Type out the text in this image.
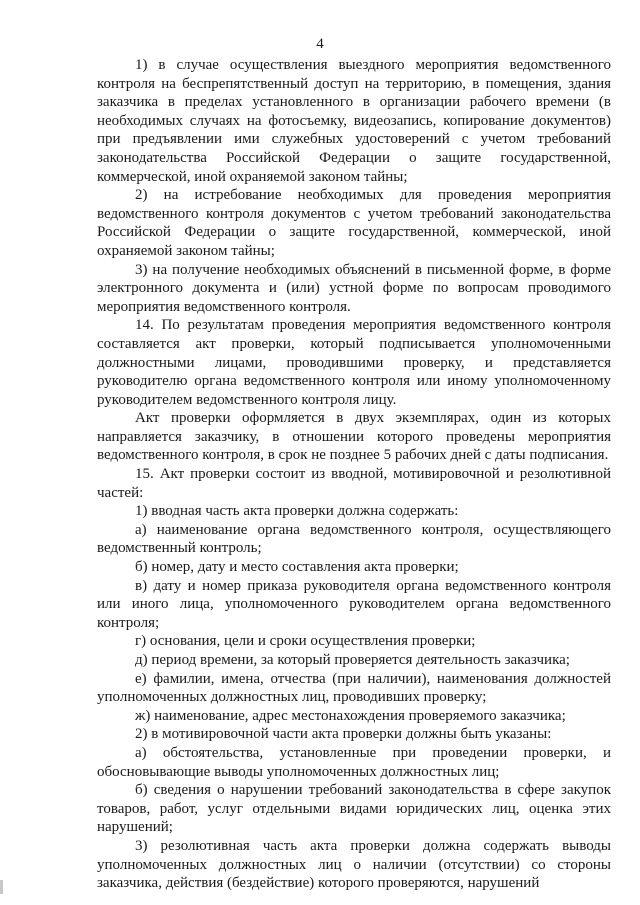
4

1) в случае осуществления выездного мероприятия ведомственного контроля на беспрепятственный доступ на территорию, в помещения, здания заказчика в пределах установленного в организации рабочего времени (в необходимых случаях на фотосъемку, видеозапись, копирование документов) при предъявлении ими служебных удостоверений с учетом требований законодательства Российской Федерации о защите государственной, коммерческой, иной охраняемой законом тайны;

2) на истребование необходимых для проведения мероприятия ведомственного контроля документов с учетом требований законодательства Российской Федерации о защите государственной, коммерческой, иной охраняемой законом тайны;

3) на получение необходимых объяснений в письменной форме, в форме электронного документа и (или) устной форме по вопросам проводимого мероприятия ведомственного контроля.

14. По результатам проведения мероприятия ведомственного контроля составляется акт проверки, который подписывается уполномоченными должностными лицами, проводившими проверку, и представляется руководителю органа ведомственного контроля или иному уполномоченному руководителем ведомственного контроля лицу.

Акт проверки оформляется в двух экземплярах, один из которых направляется заказчику, в отношении которого проведены мероприятия ведомственного контроля, в срок не позднее 5 рабочих дней с даты подписания.

15. Акт проверки состоит из вводной, мотивировочной и резолютивной частей:

1) вводная часть акта проверки должна содержать:

а) наименование органа ведомственного контроля, осуществляющего ведомственный контроль;

б) номер, дату и место составления акта проверки;

в) дату и номер приказа руководителя органа ведомственного контроля или иного лица, уполномоченного руководителем органа ведомственного контроля;

г) основания, цели и сроки осуществления проверки;

д) период времени, за который проверяется деятельность заказчика;

е) фамилии, имена, отчества (при наличии), наименования должностей уполномоченных должностных лиц, проводивших проверку;

ж) наименование, адрес местонахождения проверяемого заказчика;

2) в мотивировочной части акта проверки должны быть указаны:

а) обстоятельства, установленные при проведении проверки, и обосновывающие выводы уполномоченных должностных лиц;

б) сведения о нарушении требований законодательства в сфере закупок товаров, работ, услуг отдельными видами юридических лиц, оценка этих нарушений;

3) резолютивная часть акта проверки должна содержать выводы уполномоченных должностных лиц о наличии (отсутствии) со стороны заказчика, действия (бездействие) которого проверяются, нарушений
